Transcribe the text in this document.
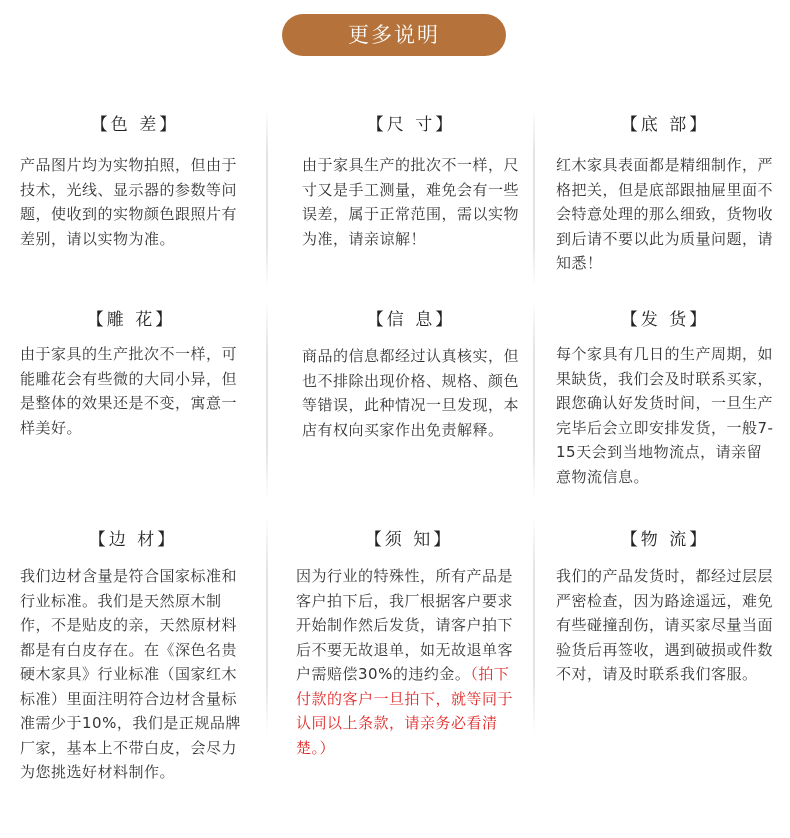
更多说明
【色 差】
产品图片均为实物拍照，但由于技术，光线、显示器的参数等问题，使收到的实物颜色跟照片有差别，请以实物为准。
【尺 寸】
由于家具生产的批次不一样，尺寸又是手工测量，难免会有一些误差，属于正常范围，需以实物为准，请亲谅解！
【底 部】
红木家具表面都是精细制作，严格把关，但是底部跟抽屉里面不会特意处理的那么细致，货物收到后请不要以此为质量问题，请知悉！
【雕 花】
由于家具的生产批次不一样，可能雕花会有些微的大同小异，但是整体的效果还是不变，寓意一样美好。
【信 息】
商品的信息都经过认真核实，但也不排除出现价格、规格、颜色等错误，此种情况一旦发现，本店有权向买家作出免责解释。
【发 货】
每个家具有几日的生产周期，如果缺货，我们会及时联系买家，跟您确认好发货时间，一旦生产完毕后会立即安排发货，一般7-15天会到当地物流点，请亲留意物流信息。
【边 材】
我们边材含量是符合国家标准和行业标准。我们是天然原木制作，不是贴皮的亲，天然原材料都是有白皮存在。在《深色名贵硬木家具》行业标准（国家红木标准）里面注明符合边材含量标准需少于10%，我们是正规品牌厂家，基本上不带白皮，会尽力为您挑选好材料制作。
【须 知】
因为行业的特殊性，所有产品是客户拍下后，我厂根据客户要求开始制作然后发货，请客户拍下后不要无故退单，如无故退单客户需赔偿30%的违约金。（拍下付款的客户一旦拍下，就等同于认同以上条款，请亲务必看清楚。）
【物 流】
我们的产品发货时，都经过层层严密检查，因为路途遥远，难免有些碰撞刮伤，请买家尽量当面验货后再签收，遇到破损或件数不对，请及时联系我们客服。
